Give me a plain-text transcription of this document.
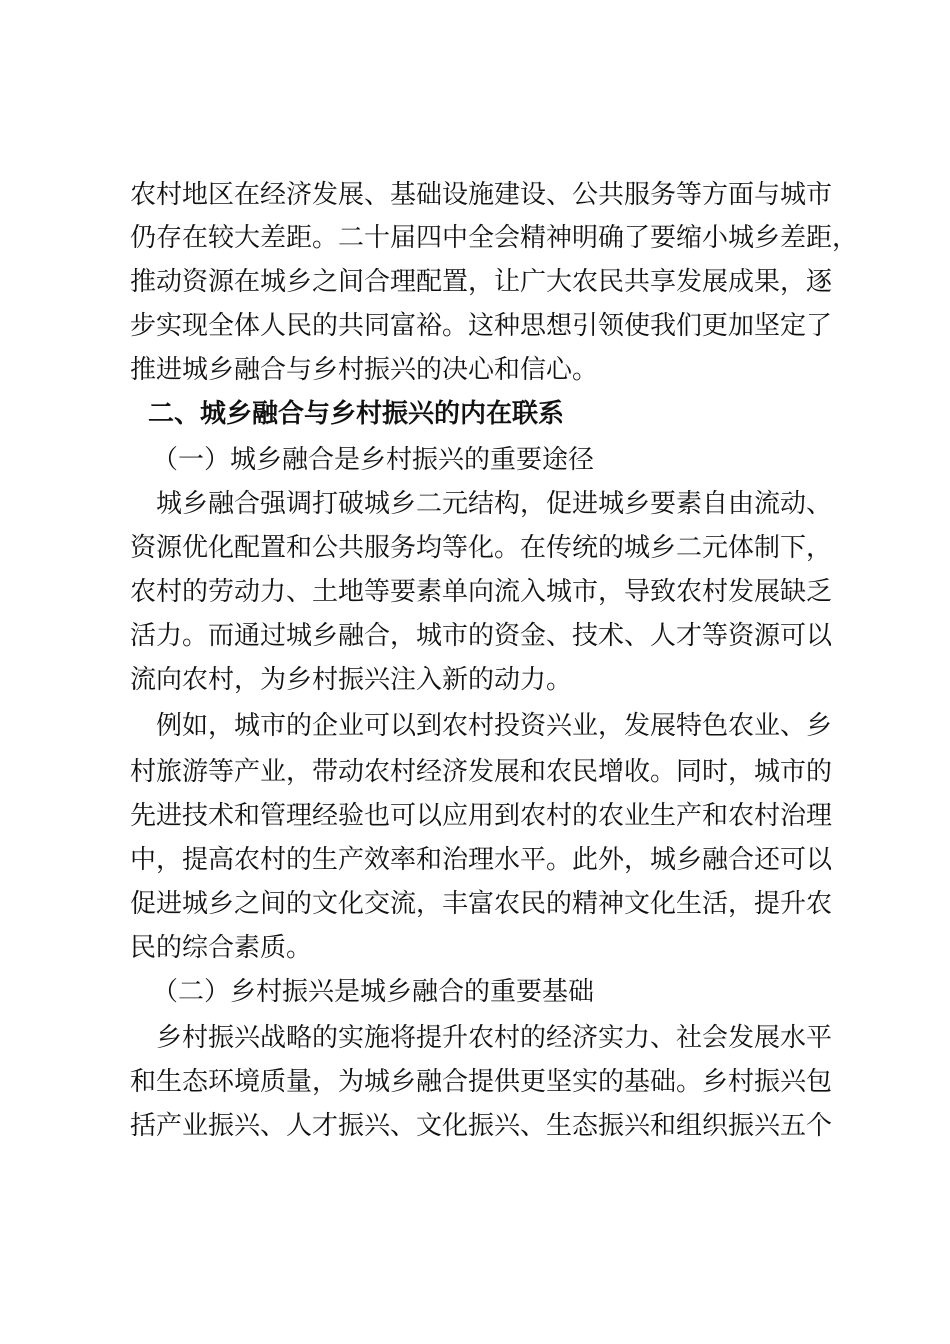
农村地区在经济发展、基础设施建设、公共服务等方面与城市
仍存在较大差距。二十届四中全会精神明确了要缩小城乡差距，
推动资源在城乡之间合理配置，让广大农民共享发展成果，逐
步实现全体人民的共同富裕。这种思想引领使我们更加坚定了
推进城乡融合与乡村振兴的决心和信心。
二、城乡融合与乡村振兴的内在联系
（一）城乡融合是乡村振兴的重要途径
城乡融合强调打破城乡二元结构，促进城乡要素自由流动、
资源优化配置和公共服务均等化。在传统的城乡二元体制下，
农村的劳动力、土地等要素单向流入城市，导致农村发展缺乏
活力。而通过城乡融合，城市的资金、技术、人才等资源可以
流向农村，为乡村振兴注入新的动力。
例如，城市的企业可以到农村投资兴业，发展特色农业、乡
村旅游等产业，带动农村经济发展和农民增收。同时，城市的
先进技术和管理经验也可以应用到农村的农业生产和农村治理
中，提高农村的生产效率和治理水平。此外，城乡融合还可以
促进城乡之间的文化交流，丰富农民的精神文化生活，提升农
民的综合素质。
（二）乡村振兴是城乡融合的重要基础
乡村振兴战略的实施将提升农村的经济实力、社会发展水平
和生态环境质量，为城乡融合提供更坚实的基础。乡村振兴包
括产业振兴、人才振兴、文化振兴、生态振兴和组织振兴五个
